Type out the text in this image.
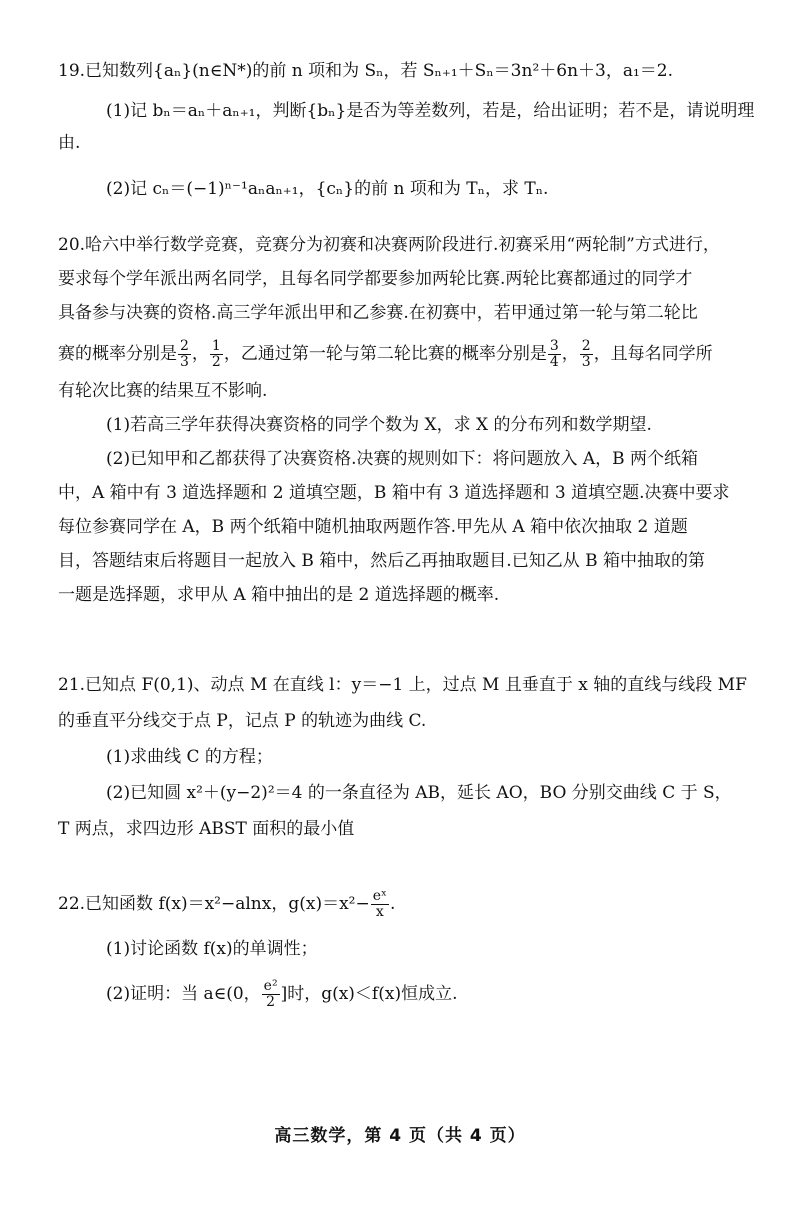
19.已知数列{aₙ}(n∈N*)的前 n 项和为 Sₙ，若 Sₙ₊₁＋Sₙ＝3n²＋6n＋3，a₁＝2.
(1)记 bₙ＝aₙ＋aₙ₊₁，判断{bₙ}是否为等差数列，若是，给出证明；若不是，请说明理
由.
(2)记 cₙ＝(−1)ⁿ⁻¹aₙaₙ₊₁，{cₙ}的前 n 项和为 Tₙ，求 Tₙ.
20.哈六中举行数学竞赛，竞赛分为初赛和决赛两阶段进行.初赛采用“两轮制”方式进行，
要求每个学年派出两名同学，且每名同学都要参加两轮比赛.两轮比赛都通过的同学才
具备参与决赛的资格.高三学年派出甲和乙参赛.在初赛中，若甲通过第一轮与第二轮比
赛的概率分别是 $\frac{2}{3}$ ， $\frac{1}{2}$ ，乙通过第一轮与第二轮比赛的概率分别是 $\frac{3}{4}$ ， $\frac{2}{3}$ ，且每名同学所
有轮次比赛的结果互不影响.
(1)若高三学年获得决赛资格的同学个数为 X，求 X 的分布列和数学期望.
(2)已知甲和乙都获得了决赛资格.决赛的规则如下：将问题放入 A，B 两个纸箱
中，A 箱中有 3 道选择题和 2 道填空题，B 箱中有 3 道选择题和 3 道填空题.决赛中要求
每位参赛同学在 A，B 两个纸箱中随机抽取两题作答.甲先从 A 箱中依次抽取 2 道题
目，答题结束后将题目一起放入 B 箱中，然后乙再抽取题目.已知乙从 B 箱中抽取的第
一题是选择题，求甲从 A 箱中抽出的是 2 道选择题的概率.
21.已知点 F(0,1)、动点 M 在直线 l：y＝−1 上，过点 M 且垂直于 x 轴的直线与线段 MF
的垂直平分线交于点 P，记点 P 的轨迹为曲线 C.
(1)求曲线 C 的方程；
(2)已知圆 x²＋(y−2)²＝4 的一条直径为 AB，延长 AO，BO 分别交曲线 C 于 S，
T 两点，求四边形 ABST 面积的最小值
22.已知函数 f(x)＝x²−alnx，$g(x)=x^2- \frac{\text{eˣ}}{x}$ .
(1)讨论函数 f(x)的单调性；
(2)证明：当 a∈(0， $\frac{\text{e²}}{2}$ ]时，g(x)＜f(x)恒成立.
高三数学，第 4 页（共 4 页）
